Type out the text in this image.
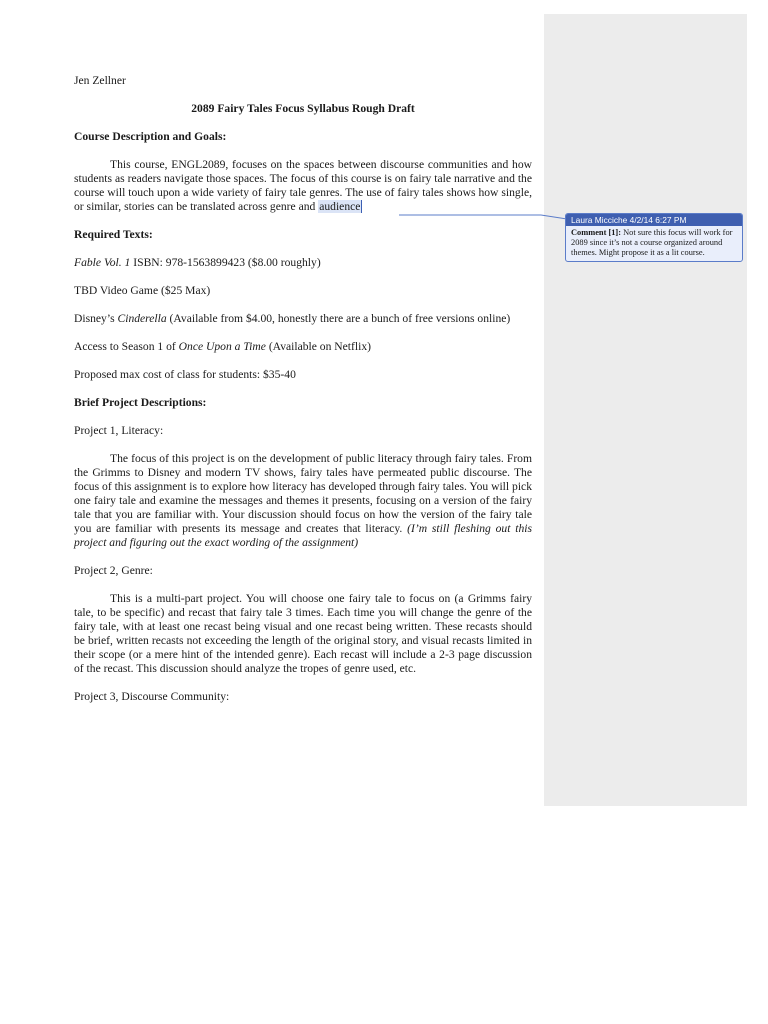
Jen Zellner

2089 Fairy Tales Focus Syllabus Rough Draft

Course Description and Goals:

This course, ENGL2089, focuses on the spaces between discourse communities and how students as readers navigate those spaces. The focus of this course is on fairy tale narrative and the course will touch upon a wide variety of fairy tale genres. The use of fairy tales shows how single, or similar, stories can be translated across genre and audience

Required Texts:

Fable Vol. 1 ISBN: 978-1563899423 ($8.00 roughly)

TBD Video Game ($25 Max)

Disney’s Cinderella (Available from $4.00, honestly there are a bunch of free versions online)

Access to Season 1 of Once Upon a Time (Available on Netflix)

Proposed max cost of class for students: $35-40

Brief Project Descriptions:

Project 1, Literacy:

The focus of this project is on the development of public literacy through fairy tales. From the Grimms to Disney and modern TV shows, fairy tales have permeated public discourse. The focus of this assignment is to explore how literacy has developed through fairy tales. You will pick one fairy tale and examine the messages and themes it presents, focusing on a version of the fairy tale that you are familiar with. Your discussion should focus on how the version of the fairy tale you are familiar with presents its message and creates that literacy. (I’m still fleshing out this project and figuring out the exact wording of the assignment)

Project 2, Genre:

This is a multi-part project. You will choose one fairy tale to focus on (a Grimms fairy tale, to be specific) and recast that fairy tale 3 times. Each time you will change the genre of the fairy tale, with at least one recast being visual and one recast being written. These recasts should be brief, written recasts not exceeding the length of the original story, and visual recasts limited in their scope (or a mere hint of the intended genre). Each recast will include a 2-3 page discussion of the recast. This discussion should analyze the tropes of genre used, etc.

Project 3, Discourse Community:

Laura Micciche 4/2/14 6:27 PM
Comment [1]: Not sure this focus will work for 2089 since it’s not a course organized around themes. Might propose it as a lit course.
